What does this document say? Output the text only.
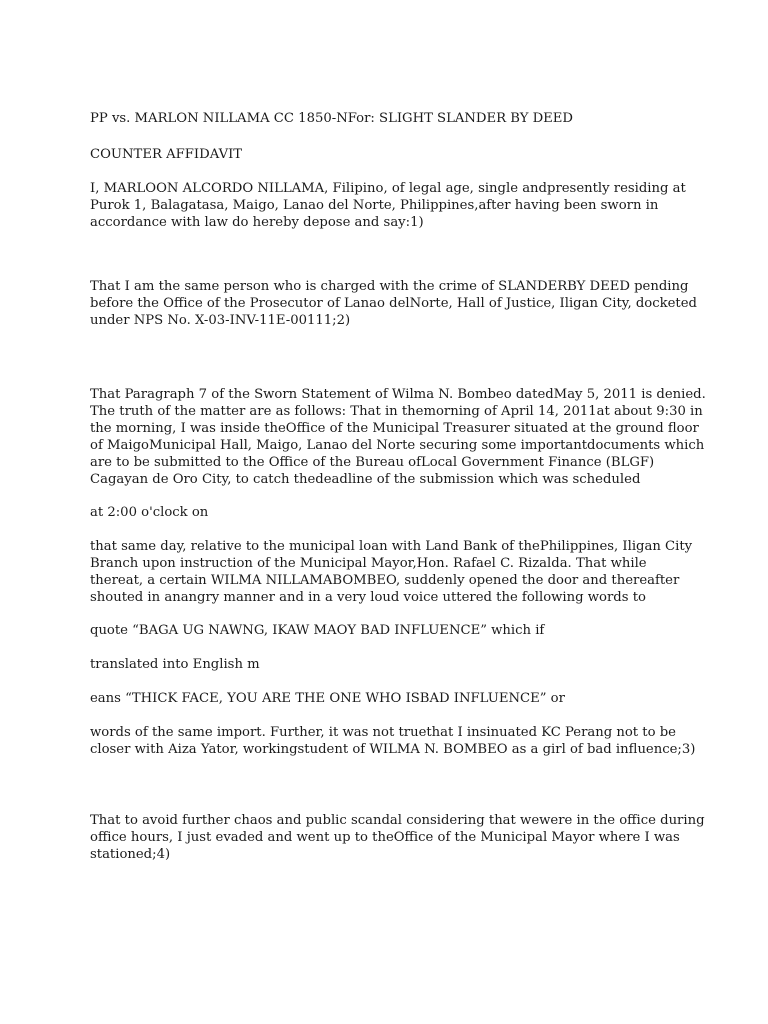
PP vs. MARLON NILLAMA CC 1850-NFor: SLIGHT SLANDER BY DEED
COUNTER AFFIDAVIT
I, MARLOON ALCORDO NILLAMA, Filipino, of legal age, single andpresently residing at
Purok 1, Balagatasa, Maigo, Lanao del Norte, Philippines,after having been sworn in
accordance with law do hereby depose and say:1)
That I am the same person who is charged with the crime of SLANDERBY DEED pending
before the Office of the Prosecutor of Lanao delNorte, Hall of Justice, Iligan City, docketed
under NPS No. X-03-INV-11E-00111;2)
That Paragraph 7 of the Sworn Statement of Wilma N. Bombeo datedMay 5, 2011 is denied.
The truth of the matter are as follows: That in themorning of April 14, 2011at about 9:30 in
the morning, I was inside theOffice of the Municipal Treasurer situated at the ground floor
of MaigoMunicipal Hall, Maigo, Lanao del Norte securing some importantdocuments which
are to be submitted to the Office of the Bureau ofLocal Government Finance (BLGF)
Cagayan de Oro City, to catch thedeadline of the submission which was scheduled
at 2:00 o'clock on
that same day, relative to the municipal loan with Land Bank of thePhilippines, Iligan City
Branch upon instruction of the Municipal Mayor,Hon. Rafael C. Rizalda. That while
thereat, a certain WILMA NILLAMABOMBEO, suddenly opened the door and thereafter
shouted in anangry manner and in a very loud voice uttered the following words to
quote “BAGA UG NAWNG, IKAW MAOY BAD INFLUENCE” which if
translated into English m
eans “THICK FACE, YOU ARE THE ONE WHO ISBAD INFLUENCE” or
words of the same import. Further, it was not truethat I insinuated KC Perang not to be
closer with Aiza Yator, workingstudent of WILMA N. BOMBEO as a girl of bad influence;3)
That to avoid further chaos and public scandal considering that wewere in the office during
office hours, I just evaded and went up to theOffice of the Municipal Mayor where I was
stationed;4)
